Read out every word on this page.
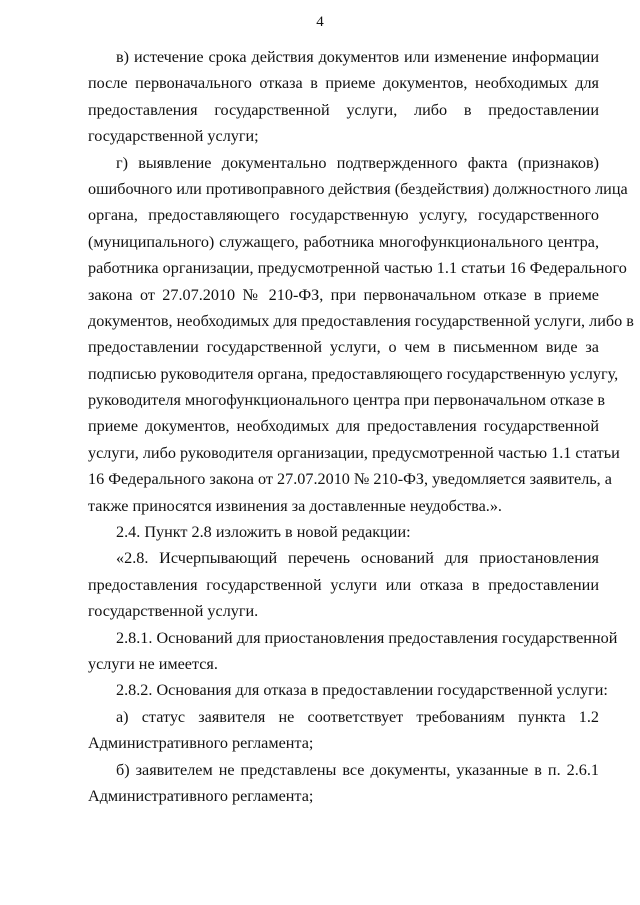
4
в) истечение срока действия документов или изменение информации
после первоначального отказа в приеме документов, необходимых для
предоставления государственной услуги, либо в предоставлении
государственной услуги;
г) выявление документально подтвержденного факта (признаков)
ошибочного или противоправного действия (бездействия) должностного лица
органа, предоставляющего государственную услугу, государственного
(муниципального) служащего, работника многофункционального центра,
работника организации, предусмотренной частью 1.1 статьи 16 Федерального
закона от 27.07.2010 № 210-ФЗ, при первоначальном отказе в приеме
документов, необходимых для предоставления государственной услуги, либо в
предоставлении государственной услуги, о чем в письменном виде за
подписью руководителя органа, предоставляющего государственную услугу,
руководителя многофункционального центра при первоначальном отказе в
приеме документов, необходимых для предоставления государственной
услуги, либо руководителя организации, предусмотренной частью 1.1 статьи
16 Федерального закона от 27.07.2010 № 210-ФЗ, уведомляется заявитель, а
также приносятся извинения за доставленные неудобства.».
2.4. Пункт 2.8 изложить в новой редакции:
«2.8. Исчерпывающий перечень оснований для приостановления
предоставления государственной услуги или отказа в предоставлении
государственной услуги.
2.8.1. Оснований для приостановления предоставления государственной
услуги не имеется.
2.8.2. Основания для отказа в предоставлении государственной услуги:
а) статус заявителя не соответствует требованиям пункта 1.2
Административного регламента;
б) заявителем не представлены все документы, указанные в п. 2.6.1
Административного регламента;
